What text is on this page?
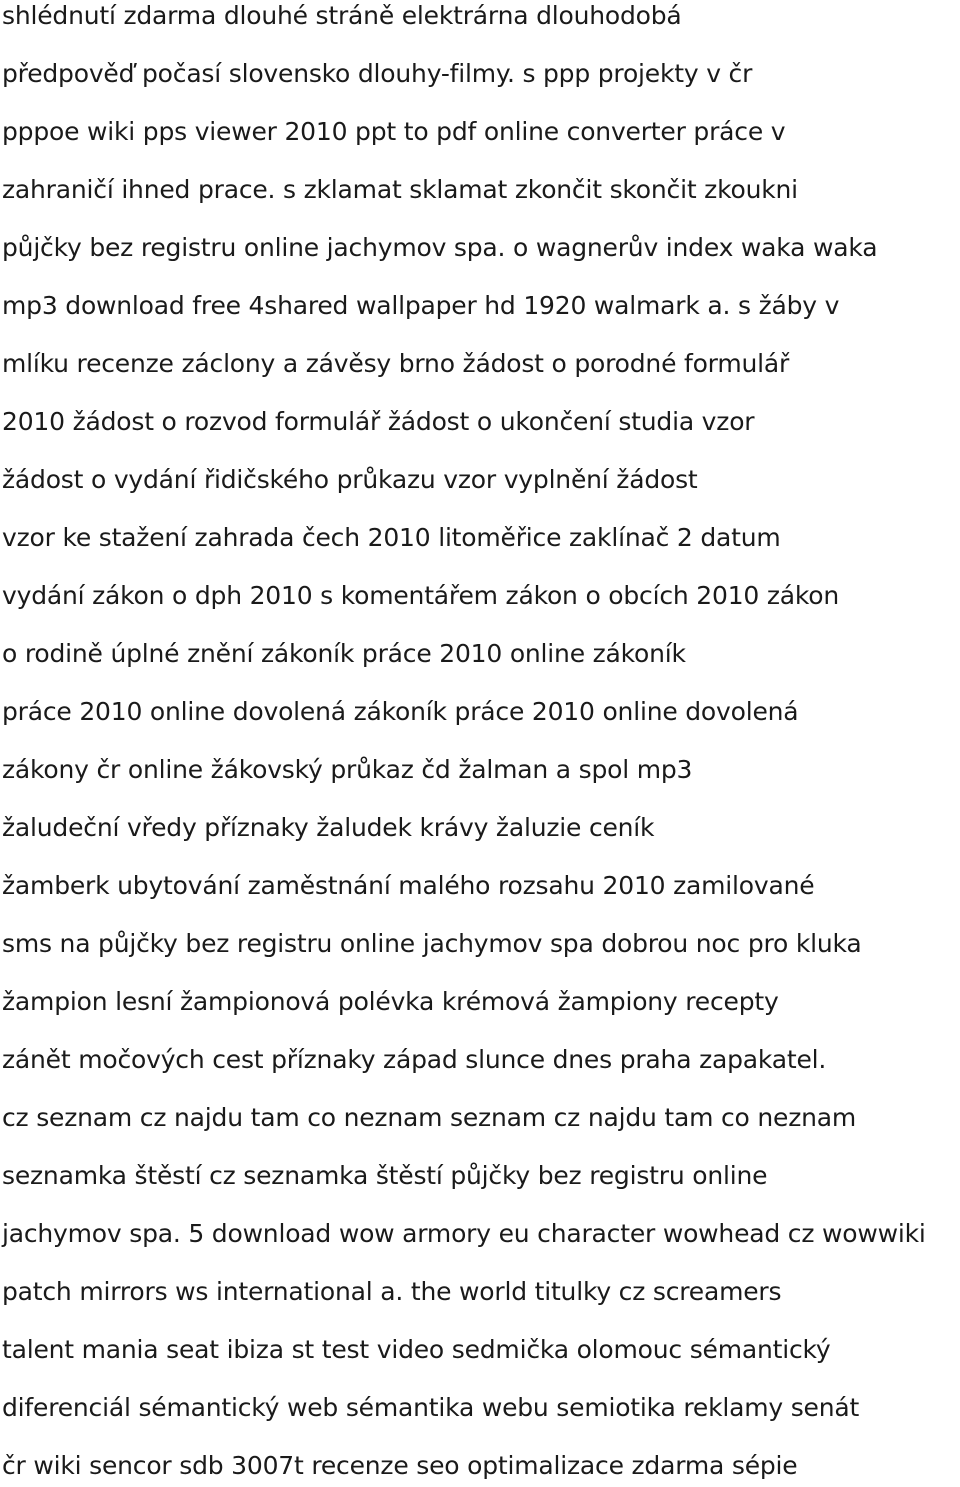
shlédnutí zdarma dlouhé stráně elektrárna dlouhodobá
předpověď počasí slovensko dlouhy-filmy. s ppp projekty v čr
pppoe wiki pps viewer 2010 ppt to pdf online converter práce v
zahraničí ihned prace. s zklamat sklamat zkončit skončit zkoukni
půjčky bez registru online jachymov spa. o wagnerův index waka waka
mp3 download free 4shared wallpaper hd 1920 walmark a. s žáby v
mlíku recenze záclony a závěsy brno žádost o porodné formulář
2010 žádost o rozvod formulář žádost o ukončení studia vzor
žádost o vydání řidičského průkazu vzor vyplnění žádost
vzor ke stažení zahrada čech 2010 litoměřice zaklínač 2 datum
vydání zákon o dph 2010 s komentářem zákon o obcích 2010 zákon
o rodině úplné znění zákoník práce 2010 online zákoník
práce 2010 online dovolená zákoník práce 2010 online dovolená
zákony čr online žákovský průkaz čd žalman a spol mp3
žaludeční vředy příznaky žaludek krávy žaluzie ceník
žamberk ubytování zaměstnání malého rozsahu 2010 zamilované
sms na půjčky bez registru online jachymov spa dobrou noc pro kluka
žampion lesní žampionová polévka krémová žampiony recepty
zánět močových cest příznaky západ slunce dnes praha zapakatel.
cz seznam cz najdu tam co neznam seznam cz najdu tam co neznam
seznamka štěstí cz seznamka štěstí půjčky bez registru online
jachymov spa. 5 download wow armory eu character wowhead cz wowwiki
patch mirrors ws international a. the world titulky cz screamers
talent mania seat ibiza st test video sedmička olomouc sémantický
diferenciál sémantický web sémantika webu semiotika reklamy senát
čr wiki sencor sdb 3007t recenze seo optimalizace zdarma sépie
